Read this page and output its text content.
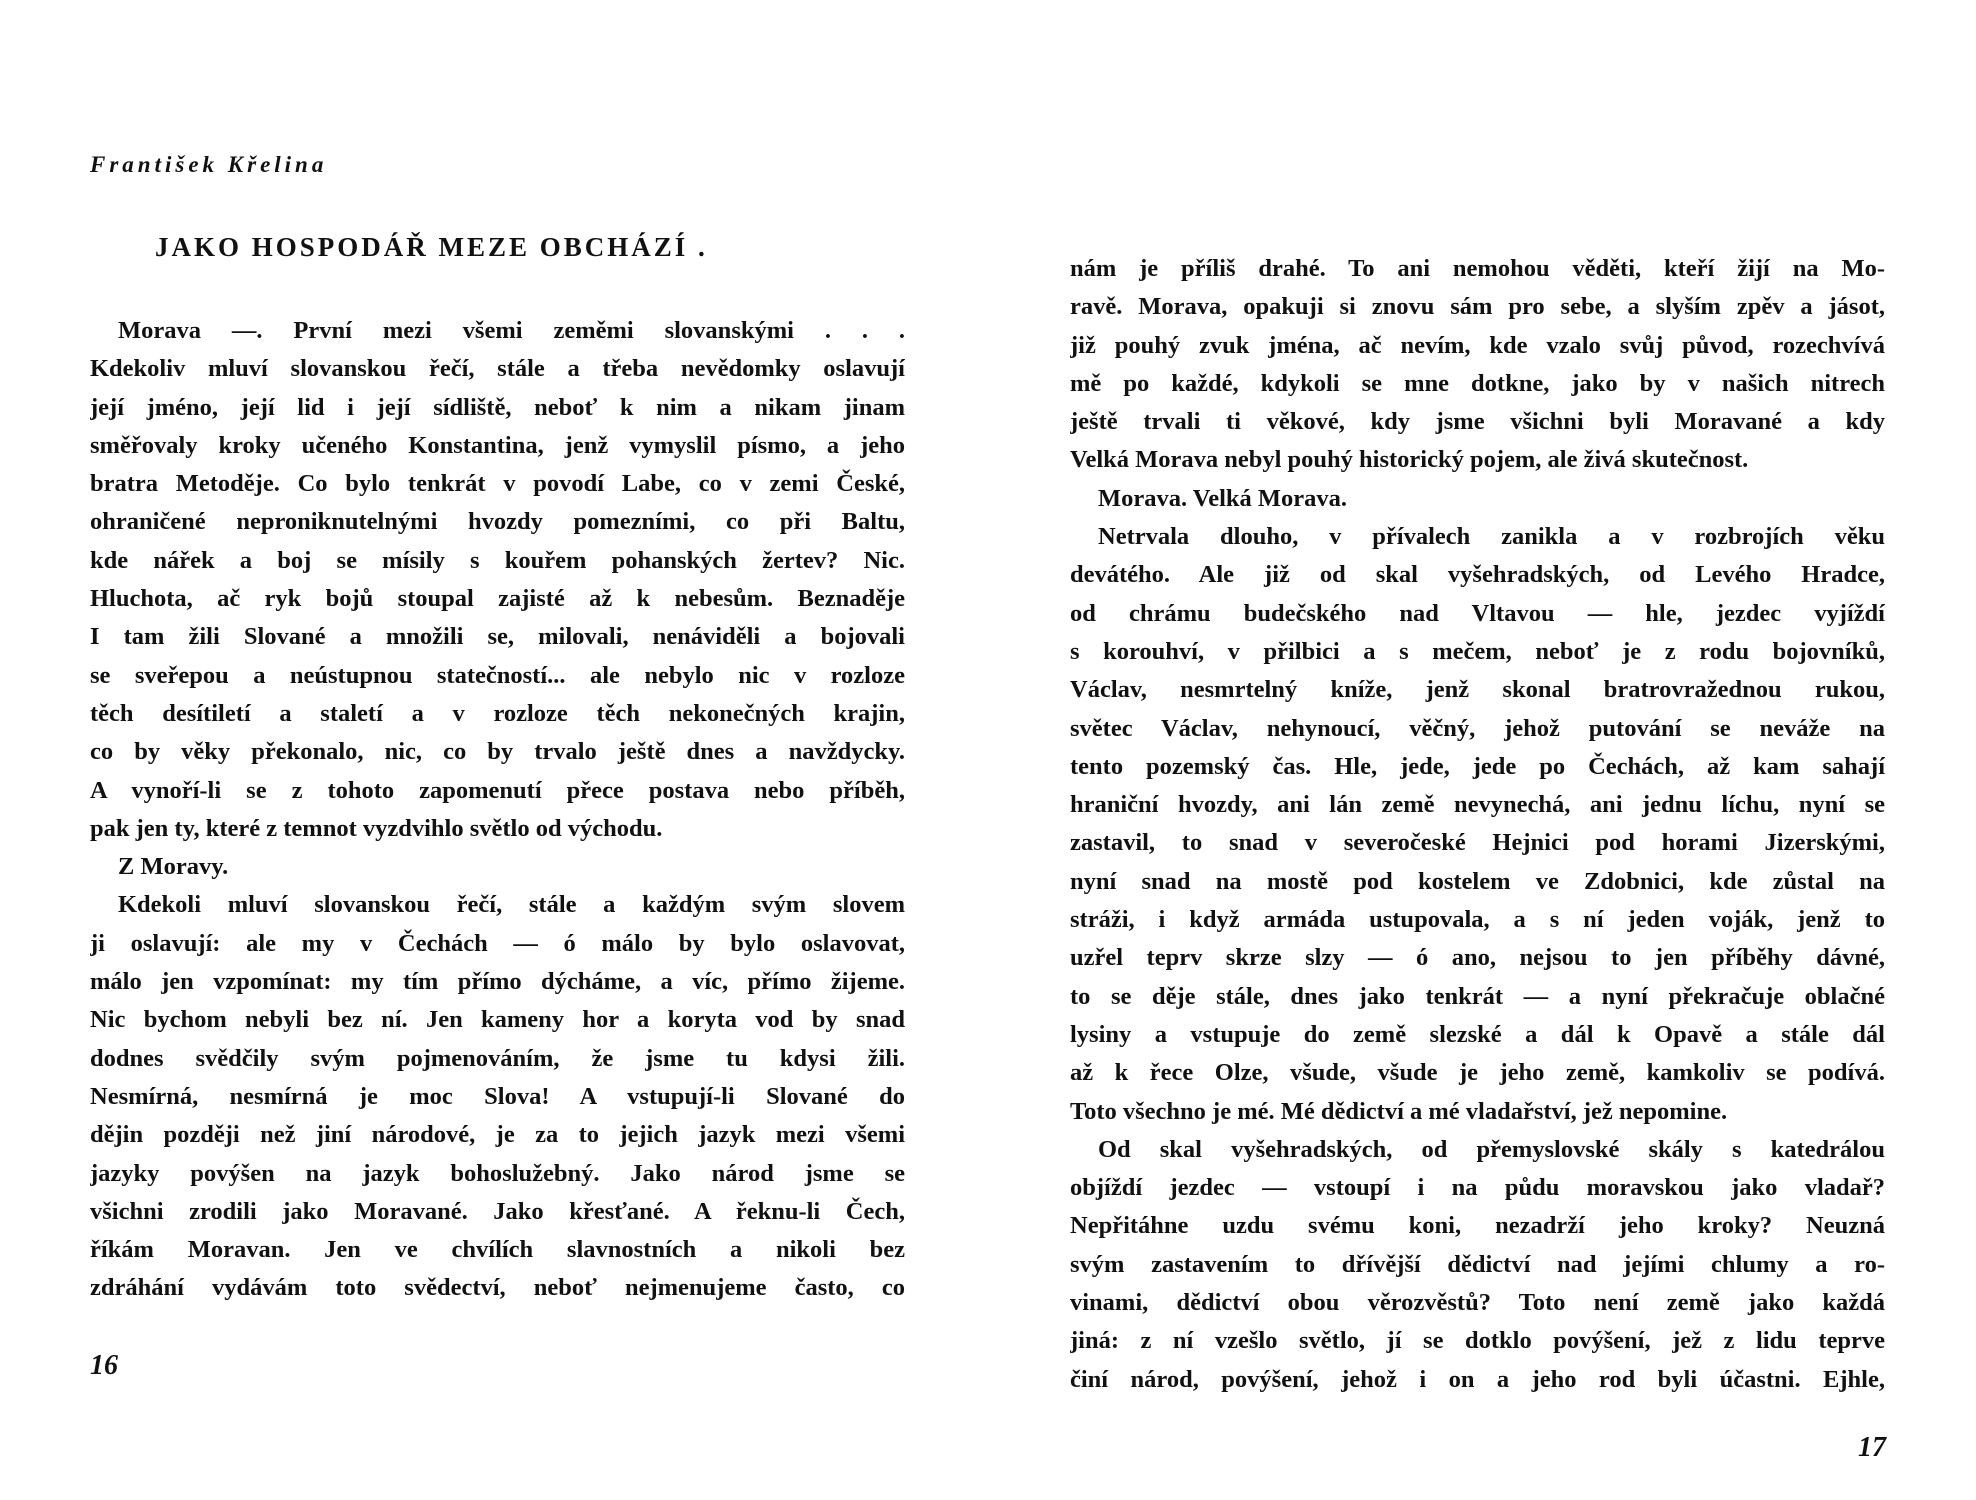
František Křelina
JAKO HOSPODÁŘ MEZE OBCHÁZÍ .
Morava —. První mezi všemi zeměmi slovanskými . . .
Kdekoliv mluví slovanskou řečí, stále a třeba nevědomky oslavují
její jméno, její lid i její sídliště, neboť k nim a nikam jinam
směřovaly kroky učeného Konstantina, jenž vymyslil písmo, a jeho
bratra Metoděje. Co bylo tenkrát v povodí Labe, co v zemi České,
ohraničené neproniknutelnými hvozdy pomezními, co při Baltu,
kde nářek a boj se mísily s kouřem pohanských žertev? Nic.
Hluchota, ač ryk bojů stoupal zajisté až k nebesům. Beznaděje
I tam žili Slované a množili se, milovali, nenáviděli a bojovali
se sveřepou a neústupnou statečností... ale nebylo nic v rozloze
těch desítiletí a staletí a v rozloze těch nekonečných krajin,
co by věky překonalo, nic, co by trvalo ještě dnes a navždycky.
A vynoří-li se z tohoto zapomenutí přece postava nebo příběh,
pak jen ty, které z temnot vyzdvihlo světlo od východu.
Z Moravy.
Kdekoli mluví slovanskou řečí, stále a každým svým slovem
ji oslavují: ale my v Čechách — ó málo by bylo oslavovat,
málo jen vzpomínat: my tím přímo dýcháme, a víc, přímo žijeme.
Nic bychom nebyli bez ní. Jen kameny hor a koryta vod by snad
dodnes svědčily svým pojmenováním, že jsme tu kdysi žili.
Nesmírná, nesmírná je moc Slova! A vstupují-li Slované do
dějin později než jiní národové, je za to jejich jazyk mezi všemi
jazyky povýšen na jazyk bohoslužebný. Jako národ jsme se
všichni zrodili jako Moravané. Jako křesťané. A řeknu-li Čech,
říkám Moravan. Jen ve chvílích slavnostních a nikoli bez
zdráhání vydávám toto svědectví, neboť nejmenujeme často, co
16
nám je příliš drahé. To ani nemohou věděti, kteří žijí na Mo-
ravě. Morava, opakuji si znovu sám pro sebe, a slyším zpěv a jásot,
již pouhý zvuk jména, ač nevím, kde vzalo svůj původ, rozechvívá
mě po každé, kdykoli se mne dotkne, jako by v našich nitrech
ještě trvali ti věkové, kdy jsme všichni byli Moravané a kdy
Velká Morava nebyl pouhý historický pojem, ale živá skutečnost.
Morava. Velká Morava.
Netrvala dlouho, v přívalech zanikla a v rozbrojích věku
devátého. Ale již od skal vyšehradských, od Levého Hradce,
od chrámu budečského nad Vltavou — hle, jezdec vyjíždí
s korouhví, v přilbici a s mečem, neboť je z rodu bojovníků,
Václav, nesmrtelný kníže, jenž skonal bratrovražednou rukou,
světec Václav, nehynoucí, věčný, jehož putování se neváže na
tento pozemský čas. Hle, jede, jede po Čechách, až kam sahají
hraniční hvozdy, ani lán země nevynechá, ani jednu líchu, nyní se
zastavil, to snad v severočeské Hejnici pod horami Jizerskými,
nyní snad na mostě pod kostelem ve Zdobnici, kde zůstal na
stráži, i když armáda ustupovala, a s ní jeden voják, jenž to
uzřel teprv skrze slzy — ó ano, nejsou to jen příběhy dávné,
to se děje stále, dnes jako tenkrát — a nyní překračuje oblačné
lysiny a vstupuje do země slezské a dál k Opavě a stále dál
až k řece Olze, všude, všude je jeho země, kamkoliv se podívá.
Toto všechno je mé. Mé dědictví a mé vladařství, jež nepomine.
Od skal vyšehradských, od přemyslovské skály s katedrálou
objíždí jezdec — vstoupí i na půdu moravskou jako vladař?
Nepřitáhne uzdu svému koni, nezadrží jeho kroky? Neuzná
svým zastavením to dřívější dědictví nad jejími chlumy a ro-
vinami, dědictví obou věrozvěstů? Toto není země jako každá
jiná: z ní vzešlo světlo, jí se dotklo povýšení, jež z lidu teprve
činí národ, povýšení, jehož i on a jeho rod byli účastni. Ejhle,
17
